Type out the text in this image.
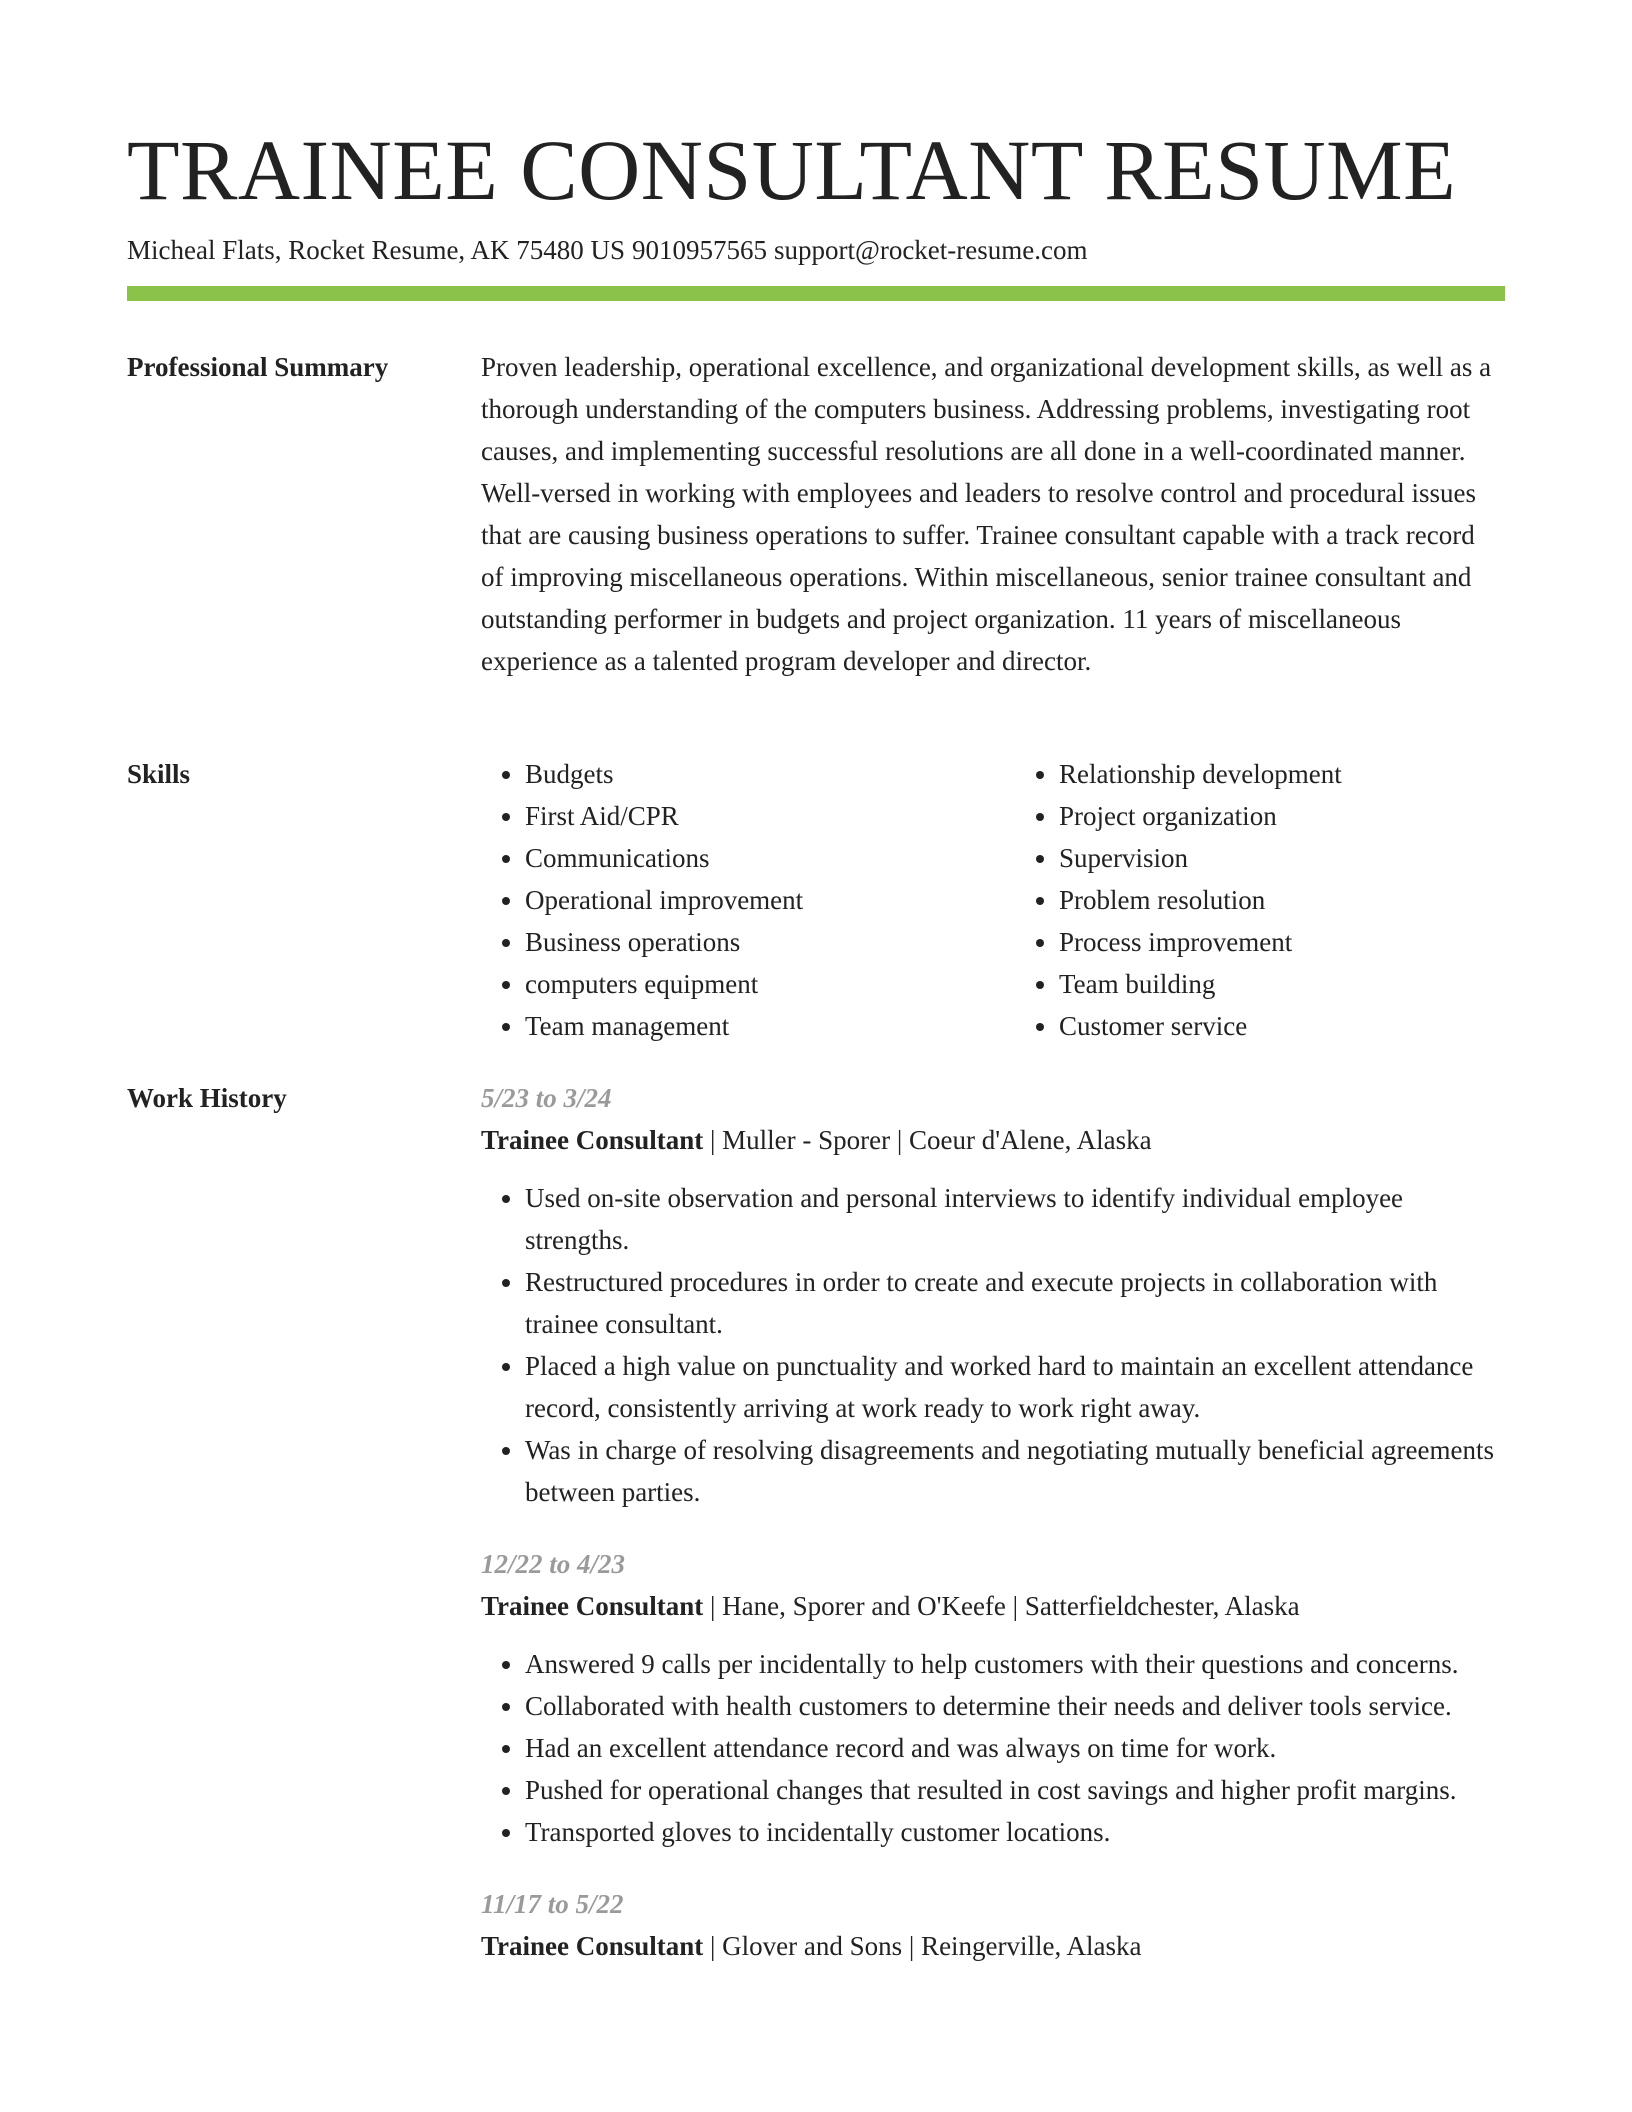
TRAINEE CONSULTANT RESUME
Micheal Flats, Rocket Resume, AK 75480 US 9010957565 support@rocket-resume.com
Professional Summary	Proven leadership, operational excellence, and organizational development skills, as well as a thorough understanding of the computers business. Addressing problems, investigating root causes, and implementing successful resolutions are all done in a well-coordinated manner. Well-versed in working with employees and leaders to resolve control and procedural issues that are causing business operations to suffer. Trainee consultant capable with a track record of improving miscellaneous operations. Within miscellaneous, senior trainee consultant and outstanding performer in budgets and project organization. 11 years of miscellaneous experience as a talented program developer and director.

Skills
•	Budgets
• First Aid/CPR
• Communications
• Operational improvement
• Business operations
• computers equipment
• Team management
• Relationship development
• Project organization
• Supervision
• Problem resolution
• Process improvement
• Team building
• Customer service
Work History	5/23 to 3/24
Trainee Consultant | Muller - Sporer | Coeur d'Alene, Alaska
• Used on-site observation and personal interviews to identify individual employee strengths.
• Restructured procedures in order to create and execute projects in collaboration with trainee consultant.
• Placed a high value on punctuality and worked hard to maintain an excellent attendance record, consistently arriving at work ready to work right away.
• Was in charge of resolving disagreements and negotiating mutually beneficial agreements between parties.
12/22 to 4/23
Trainee Consultant | Hane, Sporer and O'Keefe | Satterfieldchester, Alaska
• Answered 9 calls per incidentally to help customers with their questions and concerns.
• Collaborated with health customers to determine their needs and deliver tools service.
• Had an excellent attendance record and was always on time for work.
• Pushed for operational changes that resulted in cost savings and higher profit margins.
• Transported gloves to incidentally customer locations.
11/17 to 5/22
Trainee Consultant | Glover and Sons | Reingerville, Alaska
